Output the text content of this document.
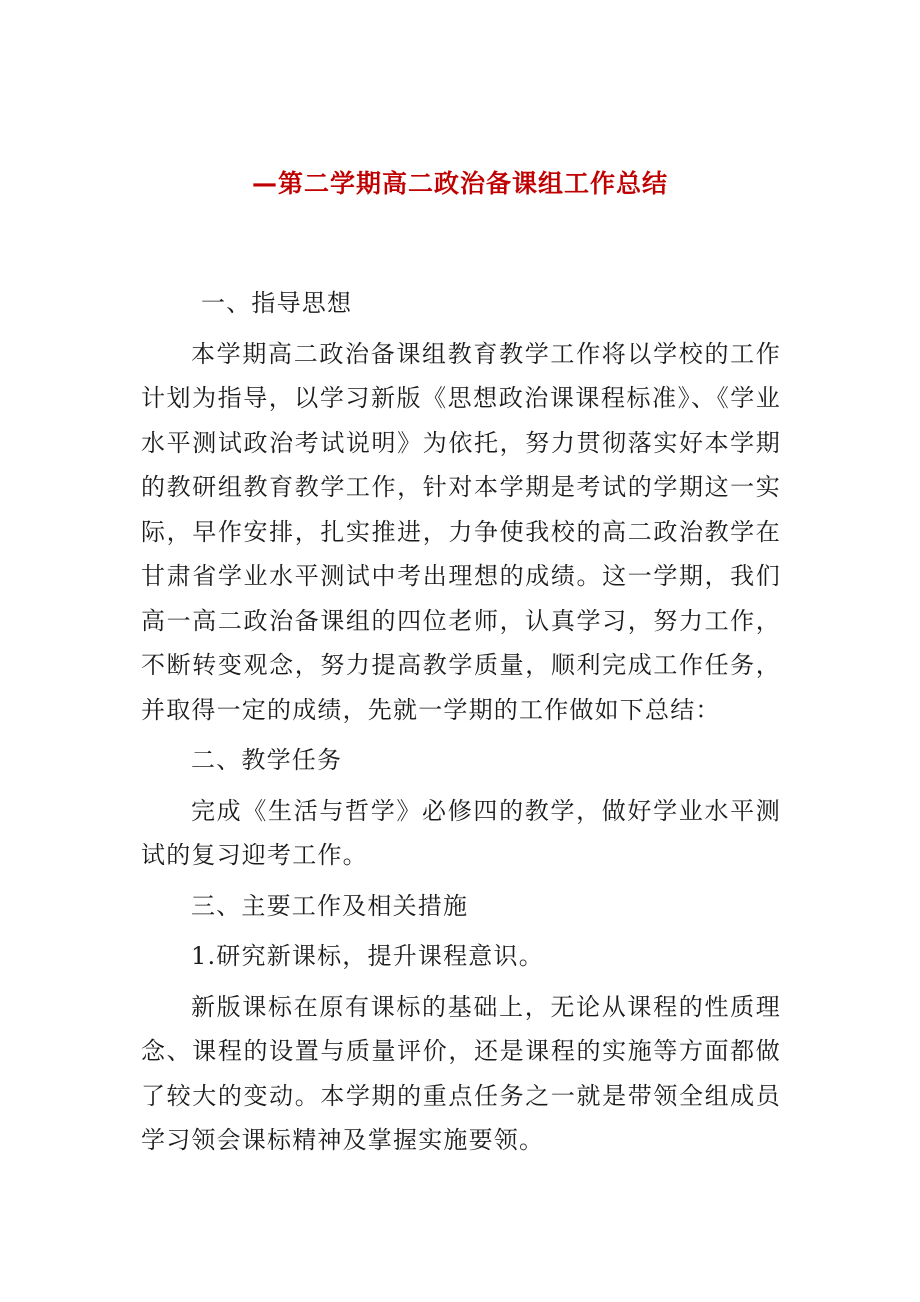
—第二学期高二政治备课组工作总结

一、指导思想

本学期高二政治备课组教育教学工作将以学校的工作计划为指导，以学习新版《思想政治课课程标准》、《学业水平测试政治考试说明》为依托，努力贯彻落实好本学期的教研组教育教学工作，针对本学期是考试的学期这一实际，早作安排，扎实推进，力争使我校的高二政治教学在甘肃省学业水平测试中考出理想的成绩。这一学期，我们高一高二政治备课组的四位老师，认真学习，努力工作，不断转变观念，努力提高教学质量，顺利完成工作任务，并取得一定的成绩，先就一学期的工作做如下总结：

二、教学任务

完成《生活与哲学》必修四的教学，做好学业水平测试的复习迎考工作。

三、主要工作及相关措施

1.研究新课标，提升课程意识。

新版课标在原有课标的基础上，无论从课程的性质理念、课程的设置与质量评价，还是课程的实施等方面都做了较大的变动。本学期的重点任务之一就是带领全组成员学习领会课标精神及掌握实施要领。
